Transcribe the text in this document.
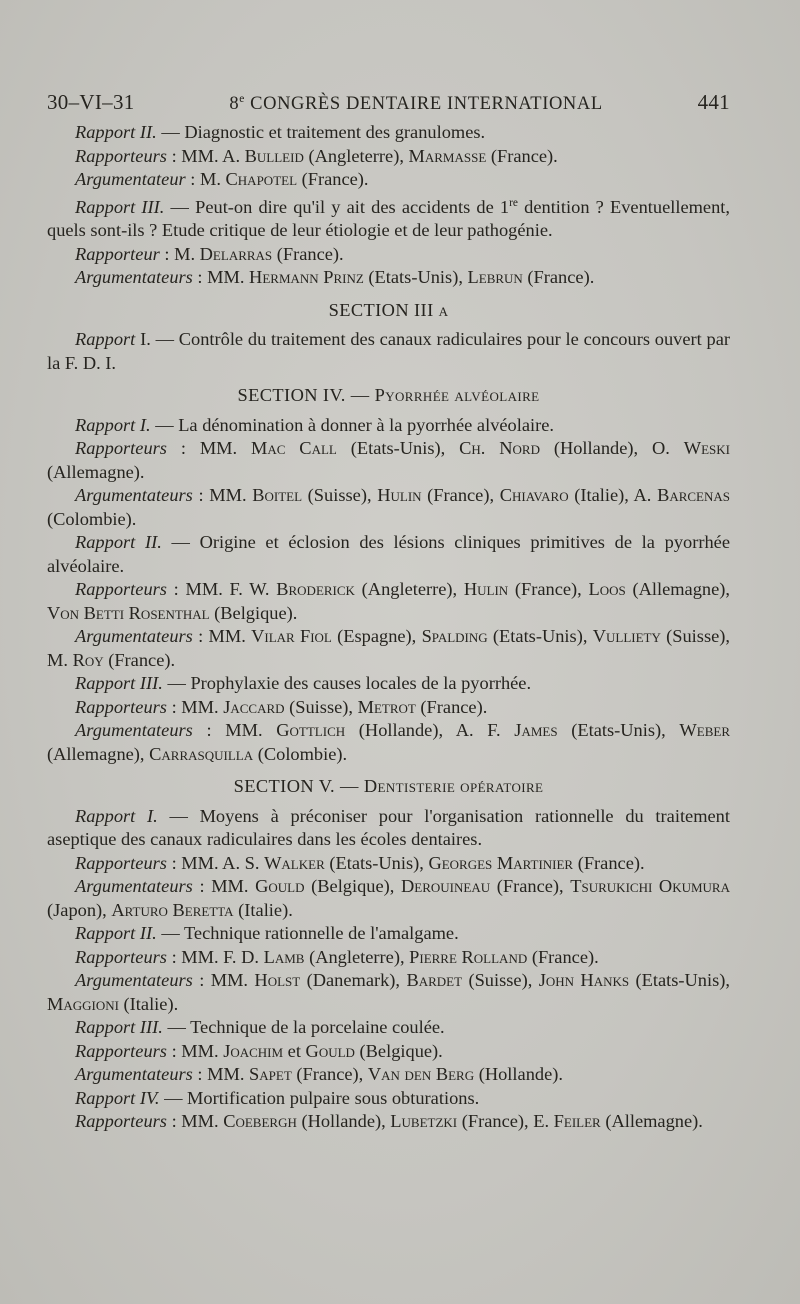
30–VI–31	8e CONGRÈS DENTAIRE INTERNATIONAL	441

Rapport II. — Diagnostic et traitement des granulomes.

Rapporteurs : MM. A. Bulleid (Angleterre), Marmasse (France).

Argumentateur : M. Chapotel (France).

Rapport III. — Peut-on dire qu'il y ait des accidents de 1re dentition ? Eventuellement, quels sont-ils ? Etude critique de leur étiologie et de leur pathogénie.

Rapporteur : M. Delarras (France).

Argumentateurs : MM. Hermann Prinz (Etats-Unis), Lebrun (France).

SECTION III a

Rapport I. — Contrôle du traitement des canaux radiculaires pour le concours ouvert par la F. D. I.

SECTION IV. — Pyorrhée alvéolaire

Rapport I. — La dénomination à donner à la pyorrhée alvéolaire.

Rapporteurs : MM. Mac Call (Etats-Unis), Ch. Nord (Hollande), O. Weski (Allemagne).

Argumentateurs : MM. Boitel (Suisse), Hulin (France), Chiavaro (Italie), A. Barcenas (Colombie).

Rapport II. — Origine et éclosion des lésions cliniques primitives de la pyorrhée alvéolaire.

Rapporteurs : MM. F. W. Broderick (Angleterre), Hulin (France), Loos (Allemagne), Von Betti Rosenthal (Belgique).

Argumentateurs : MM. Vilar Fiol (Espagne), Spalding (Etats-Unis), Vulliety (Suisse), M. Roy (France).

Rapport III. — Prophylaxie des causes locales de la pyorrhée.

Rapporteurs : MM. Jaccard (Suisse), Metrot (France).

Argumentateurs : MM. Gottlich (Hollande), A. F. James (Etats-Unis), Weber (Allemagne), Carrasquilla (Colombie).

SECTION V. — Dentisterie opératoire

Rapport I. — Moyens à préconiser pour l'organisation rationnelle du traitement aseptique des canaux radiculaires dans les écoles dentaires.

Rapporteurs : MM. A. S. Walker (Etats-Unis), Georges Martinier (France).

Argumentateurs : MM. Gould (Belgique), Derouineau (France), Tsurukichi Okumura (Japon), Arturo Beretta (Italie).

Rapport II. — Technique rationnelle de l'amalgame.

Rapporteurs : MM. F. D. Lamb (Angleterre), Pierre Rolland (France).

Argumentateurs : MM. Holst (Danemark), Bardet (Suisse), John Hanks (Etats-Unis), Maggioni (Italie).

Rapport III. — Technique de la porcelaine coulée.

Rapporteurs : MM. Joachim et Gould (Belgique).

Argumentateurs : MM. Sapet (France), Van den Berg (Hollande).

Rapport IV. — Mortification pulpaire sous obturations.

Rapporteurs : MM. Coebergh (Hollande), Lubetzki (France), E. Feiler (Allemagne).
